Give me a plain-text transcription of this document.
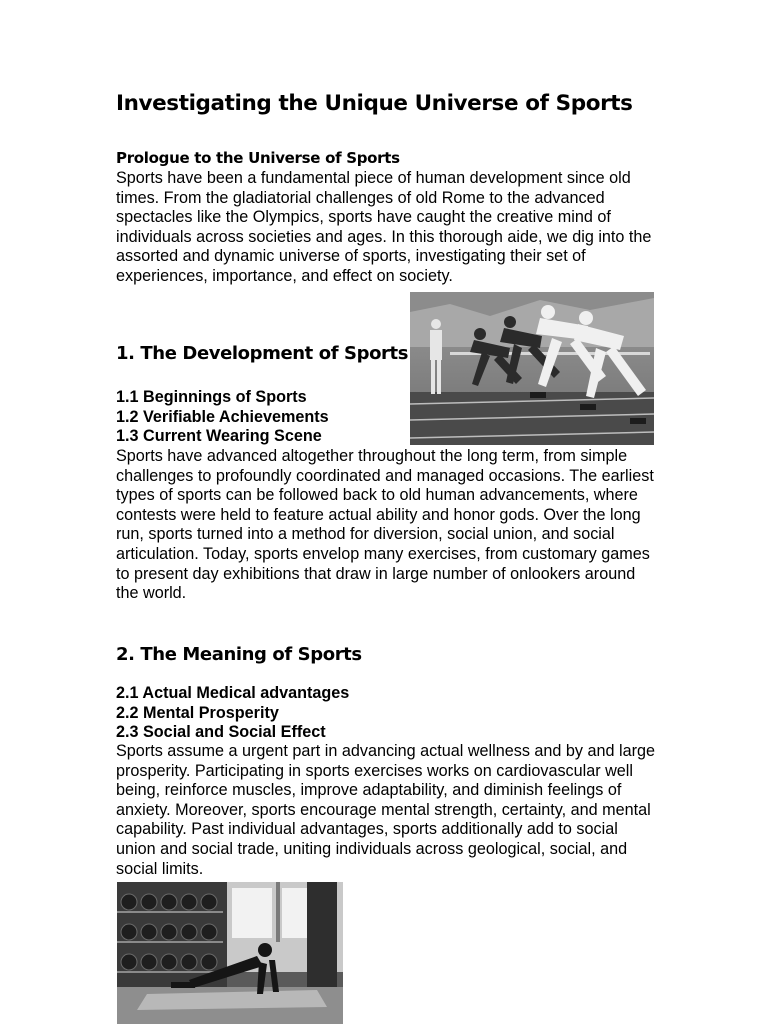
Investigating the Unique Universe of Sports
Prologue to the Universe of Sports

Sports have been a fundamental piece of human development since old times. From the gladiatorial challenges of old Rome to the advanced spectacles like the Olympics, sports have caught the creative mind of individuals across societies and ages. In this thorough aide, we dig into the assorted and dynamic universe of sports, investigating their set of experiences, importance, and effect on society.

1. The Development of Sports
1.1 Beginnings of Sports
1.2 Verifiable Achievements
1.3 Current Wearing Scene

Sports have advanced altogether throughout the long term, from simple challenges to profoundly coordinated and managed occasions. The earliest types of sports can be followed back to old human advancements, where contests were held to feature actual ability and honor gods. Over the long run, sports turned into a method for diversion, social union, and social articulation. Today, sports envelop many exercises, from customary games to present day exhibitions that draw in large number of onlookers around the world.

2. The Meaning of Sports
2.1 Actual Medical advantages
2.2 Mental Prosperity
2.3 Social and Social Effect

Sports assume a urgent part in advancing actual wellness and by and large prosperity. Participating in sports exercises works on cardiovascular well being, reinforce muscles, improve adaptability, and diminish feelings of anxiety. Moreover, sports encourage mental strength, certainty, and mental capability. Past individual advantages, sports additionally add to social union and social trade, uniting individuals across geological, social, and social limits.
